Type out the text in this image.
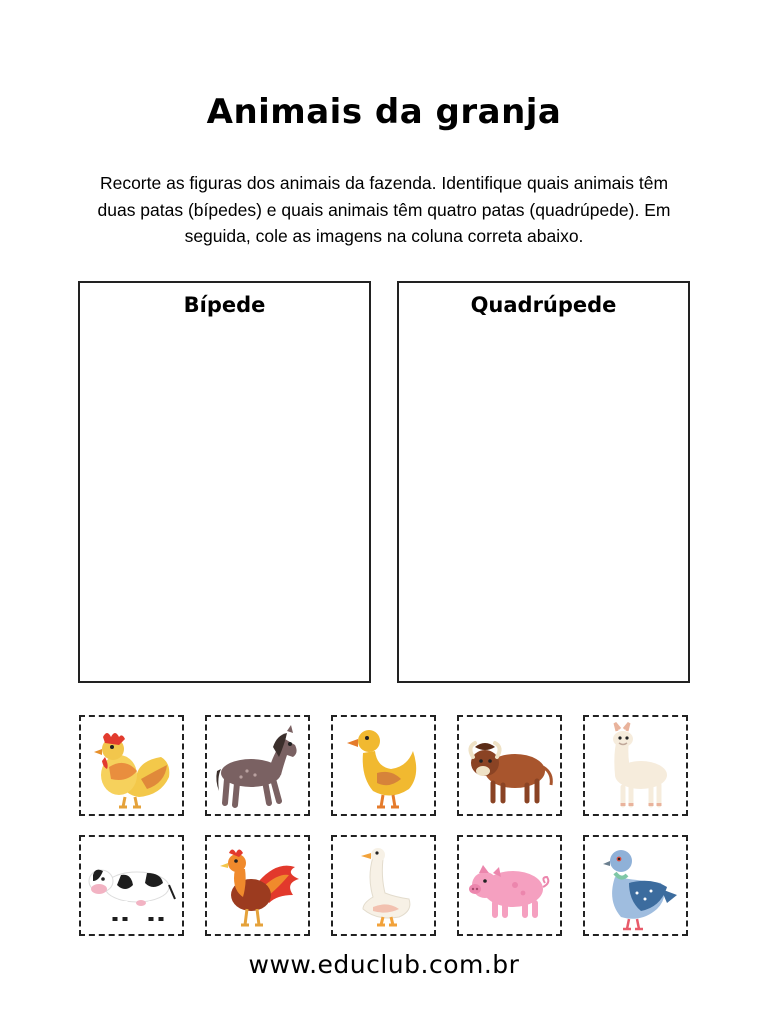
Animais da granja
Recorte as figuras dos animais da fazenda. Identifique quais animais têm duas patas (bípedes) e quais animais têm quatro patas (quadrúpede). Em seguida, cole as imagens na coluna correta abaixo.
Bípede	Quadrúpede
www.educlub.com.br
